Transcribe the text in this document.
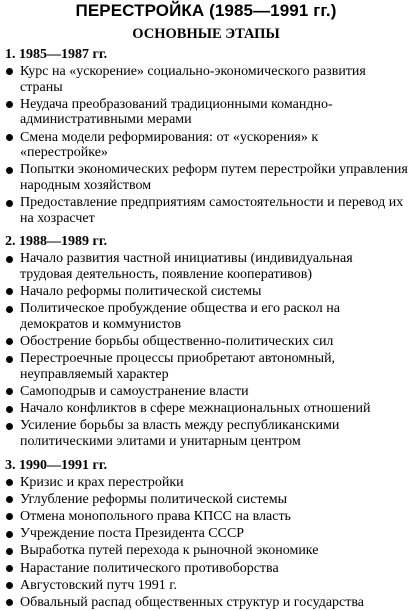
ПЕРЕСТРОЙКА (1985—1991 гг.)
ОСНОВНЫЕ ЭТАПЫ
1. 1985—1987 гг.
Курс на «ускорение» социально-экономического развития страны
Неудача преобразований традиционными командно-административными мерами
Смена модели реформирования: от «ускорения» к «перестройке»
Попытки экономических реформ путем перестройки управления народным хозяйством
Предоставление предприятиям самостоятельности и перевод их на хозрасчет
2. 1988—1989 гг.
Начало развития частной инициативы (индивидуальная трудовая деятельность, появление кооперативов)
Начало реформы политической системы
Политическое пробуждение общества и его раскол на демократов и коммунистов
Обострение борьбы общественно-политических сил
Перестроечные процессы приобретают автономный, неуправляемый характер
Самоподрыв и самоустранение власти
Начало конфликтов в сфере межнациональных отношений
Усиление борьбы за власть между республиканскими политическими элитами и унитарным центром
3. 1990—1991 гг.
Кризис и крах перестройки
Углубление реформы политической системы
Отмена монопольного права КПСС на власть
Учреждение поста Президента СССР
Выработка путей перехода к рыночной экономике
Нарастание политического противоборства
Августовский путч 1991 г.
Обвальный распад общественных структур и государства
